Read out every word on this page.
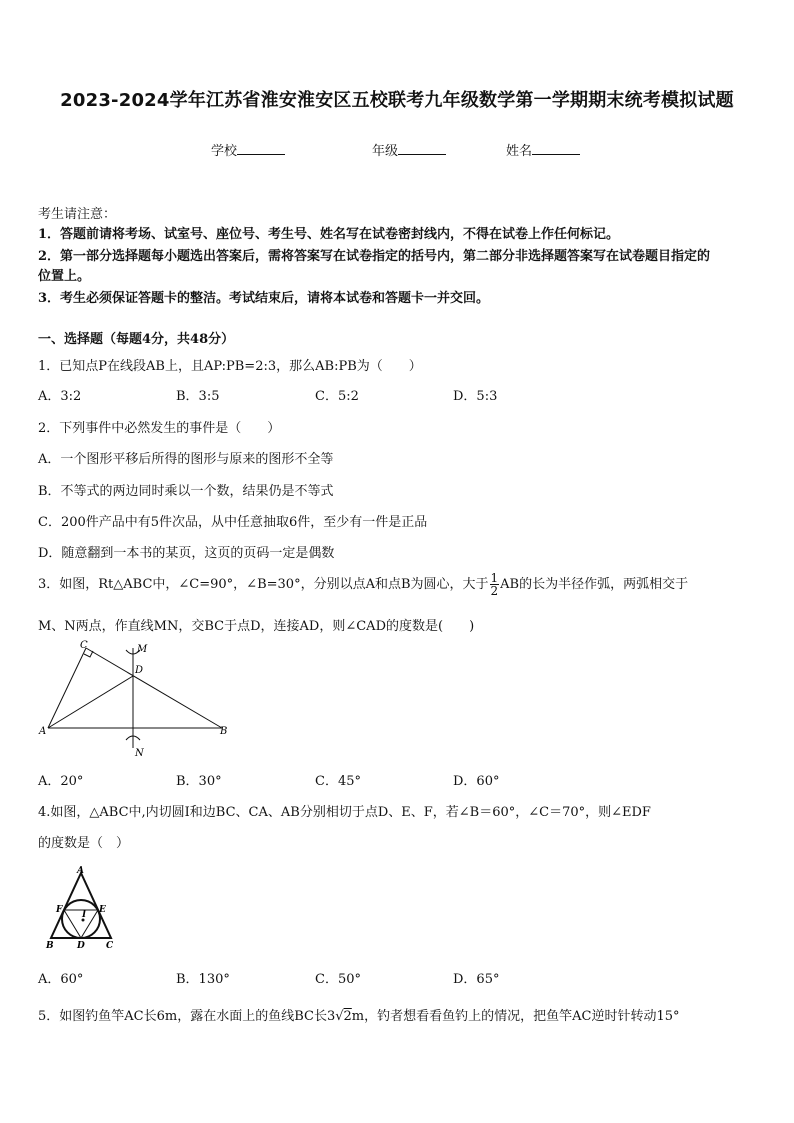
2023-2024学年江苏省淮安淮安区五校联考九年级数学第一学期期末统考模拟试题
学校	年级	姓名
考生请注意：
1．答题前请将考场、试室号、座位号、考生号、姓名写在试卷密封线内，不得在试卷上作任何标记。
2．第一部分选择题每小题选出答案后，需将答案写在试卷指定的括号内，第二部分非选择题答案写在试卷题目指定的
位置上。
3．考生必须保证答题卡的整洁。考试结束后，请将本试卷和答题卡一并交回。
一、选择题（每题4分，共48分）
1．已知点P在线段AB上，且AP:PB=2:3，那么AB:PB为（　　）
A．3:2	B．3:5	C．5:2	D．5:3
2．下列事件中必然发生的事件是（　　）
A．一个图形平移后所得的图形与原来的图形不全等
B．不等式的两边同时乘以一个数，结果仍是不等式
C．200件产品中有5件次品，从中任意抽取6件，至少有一件是正品
D．随意翻到一本书的某页，这页的页码一定是偶数
3．如图，Rt△ABC中，∠C=90°，∠B=30°，分别以点A和点B为圆心，大于 $\frac{1}{2}$ AB的长为半径作弧，两弧相交于
M、N两点，作直线MN，交BC于点D，连接AD，则∠CAD的度数是(　　)
A
C
D
M
B
N
A．20°	B．30°	C．45°	D．60°
4.如图，△ABC中,内切圆I和边BC、CA、AB分别相切于点D、E、F，若∠B＝60°，∠C＝70°，则∠EDF
的度数是（　）
A
F	E
I
B	D C
A．60°	B．130°	C．50°	D．65°
5．如图钓鱼竿AC长6m，露在水面上的鱼线BC长3√2m，钓者想看看鱼钓上的情况，把鱼竿AC逆时针转动15°
